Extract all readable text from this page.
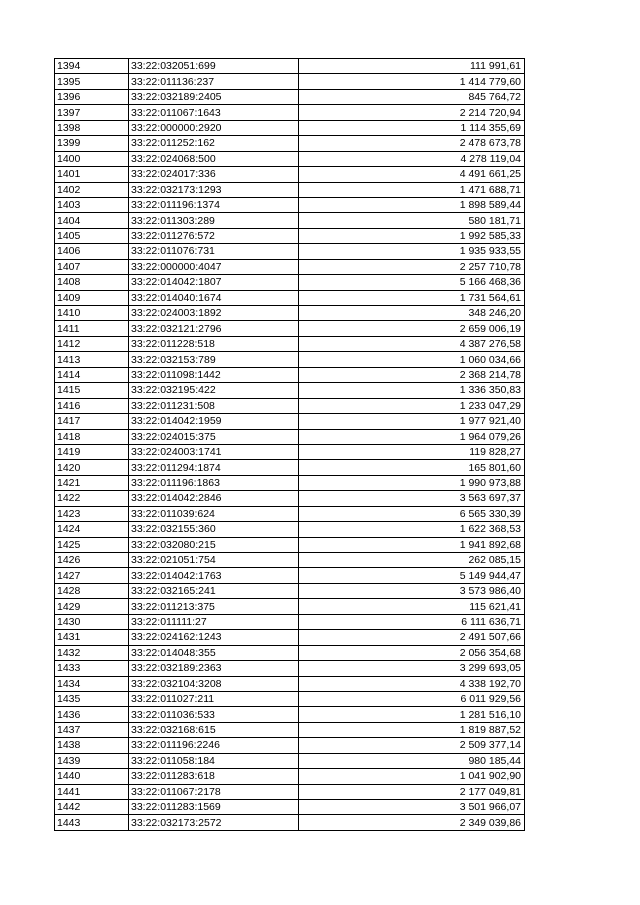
1394	33:22:032051:699	111 991,61
1395	33:22:011136:237	1 414 779,60
1396	33:22:032189:2405	845 764,72
1397	33:22:011067:1643	2 214 720,94
1398	33:22:000000:2920	1 114 355,69
1399	33:22:011252:162	2 478 673,78
1400	33:22:024068:500	4 278 119,04
1401	33:22:024017:336	4 491 661,25
1402	33:22:032173:1293	1 471 688,71
1403	33:22:011196:1374	1 898 589,44
1404	33:22:011303:289	580 181,71
1405	33:22:011276:572	1 992 585,33
1406	33:22:011076:731	1 935 933,55
1407	33:22:000000:4047	2 257 710,78
1408	33:22:014042:1807	5 166 468,36
1409	33:22:014040:1674	1 731 564,61
1410	33:22:024003:1892	348 246,20
1411	33:22:032121:2796	2 659 006,19
1412	33:22:011228:518	4 387 276,58
1413	33:22:032153:789	1 060 034,66
1414	33:22:011098:1442	2 368 214,78
1415	33:22:032195:422	1 336 350,83
1416	33:22:011231:508	1 233 047,29
1417	33:22:014042:1959	1 977 921,40
1418	33:22:024015:375	1 964 079,26
1419	33:22:024003:1741	119 828,27
1420	33:22:011294:1874	165 801,60
1421	33:22:011196:1863	1 990 973,88
1422	33:22:014042:2846	3 563 697,37
1423	33:22:011039:624	6 565 330,39
1424	33:22:032155:360	1 622 368,53
1425	33:22:032080:215	1 941 892,68
1426	33:22:021051:754	262 085,15
1427	33:22:014042:1763	5 149 944,47
1428	33:22:032165:241	3 573 986,40
1429	33:22:011213:375	115 621,41
1430	33:22:011111:27	6 111 636,71
1431	33:22:024162:1243	2 491 507,66
1432	33:22:014048:355	2 056 354,68
1433	33:22:032189:2363	3 299 693,05
1434	33:22:032104:3208	4 338 192,70
1435	33:22:011027:211	6 011 929,56
1436	33:22:011036:533	1 281 516,10
1437	33:22:032168:615	1 819 887,52
1438	33:22:011196:2246	2 509 377,14
1439	33:22:011058:184	980 185,44
1440	33:22:011283:618	1 041 902,90
1441	33:22:011067:2178	2 177 049,81
1442	33:22:011283:1569	3 501 966,07
1443	33:22:032173:2572	2 349 039,86
